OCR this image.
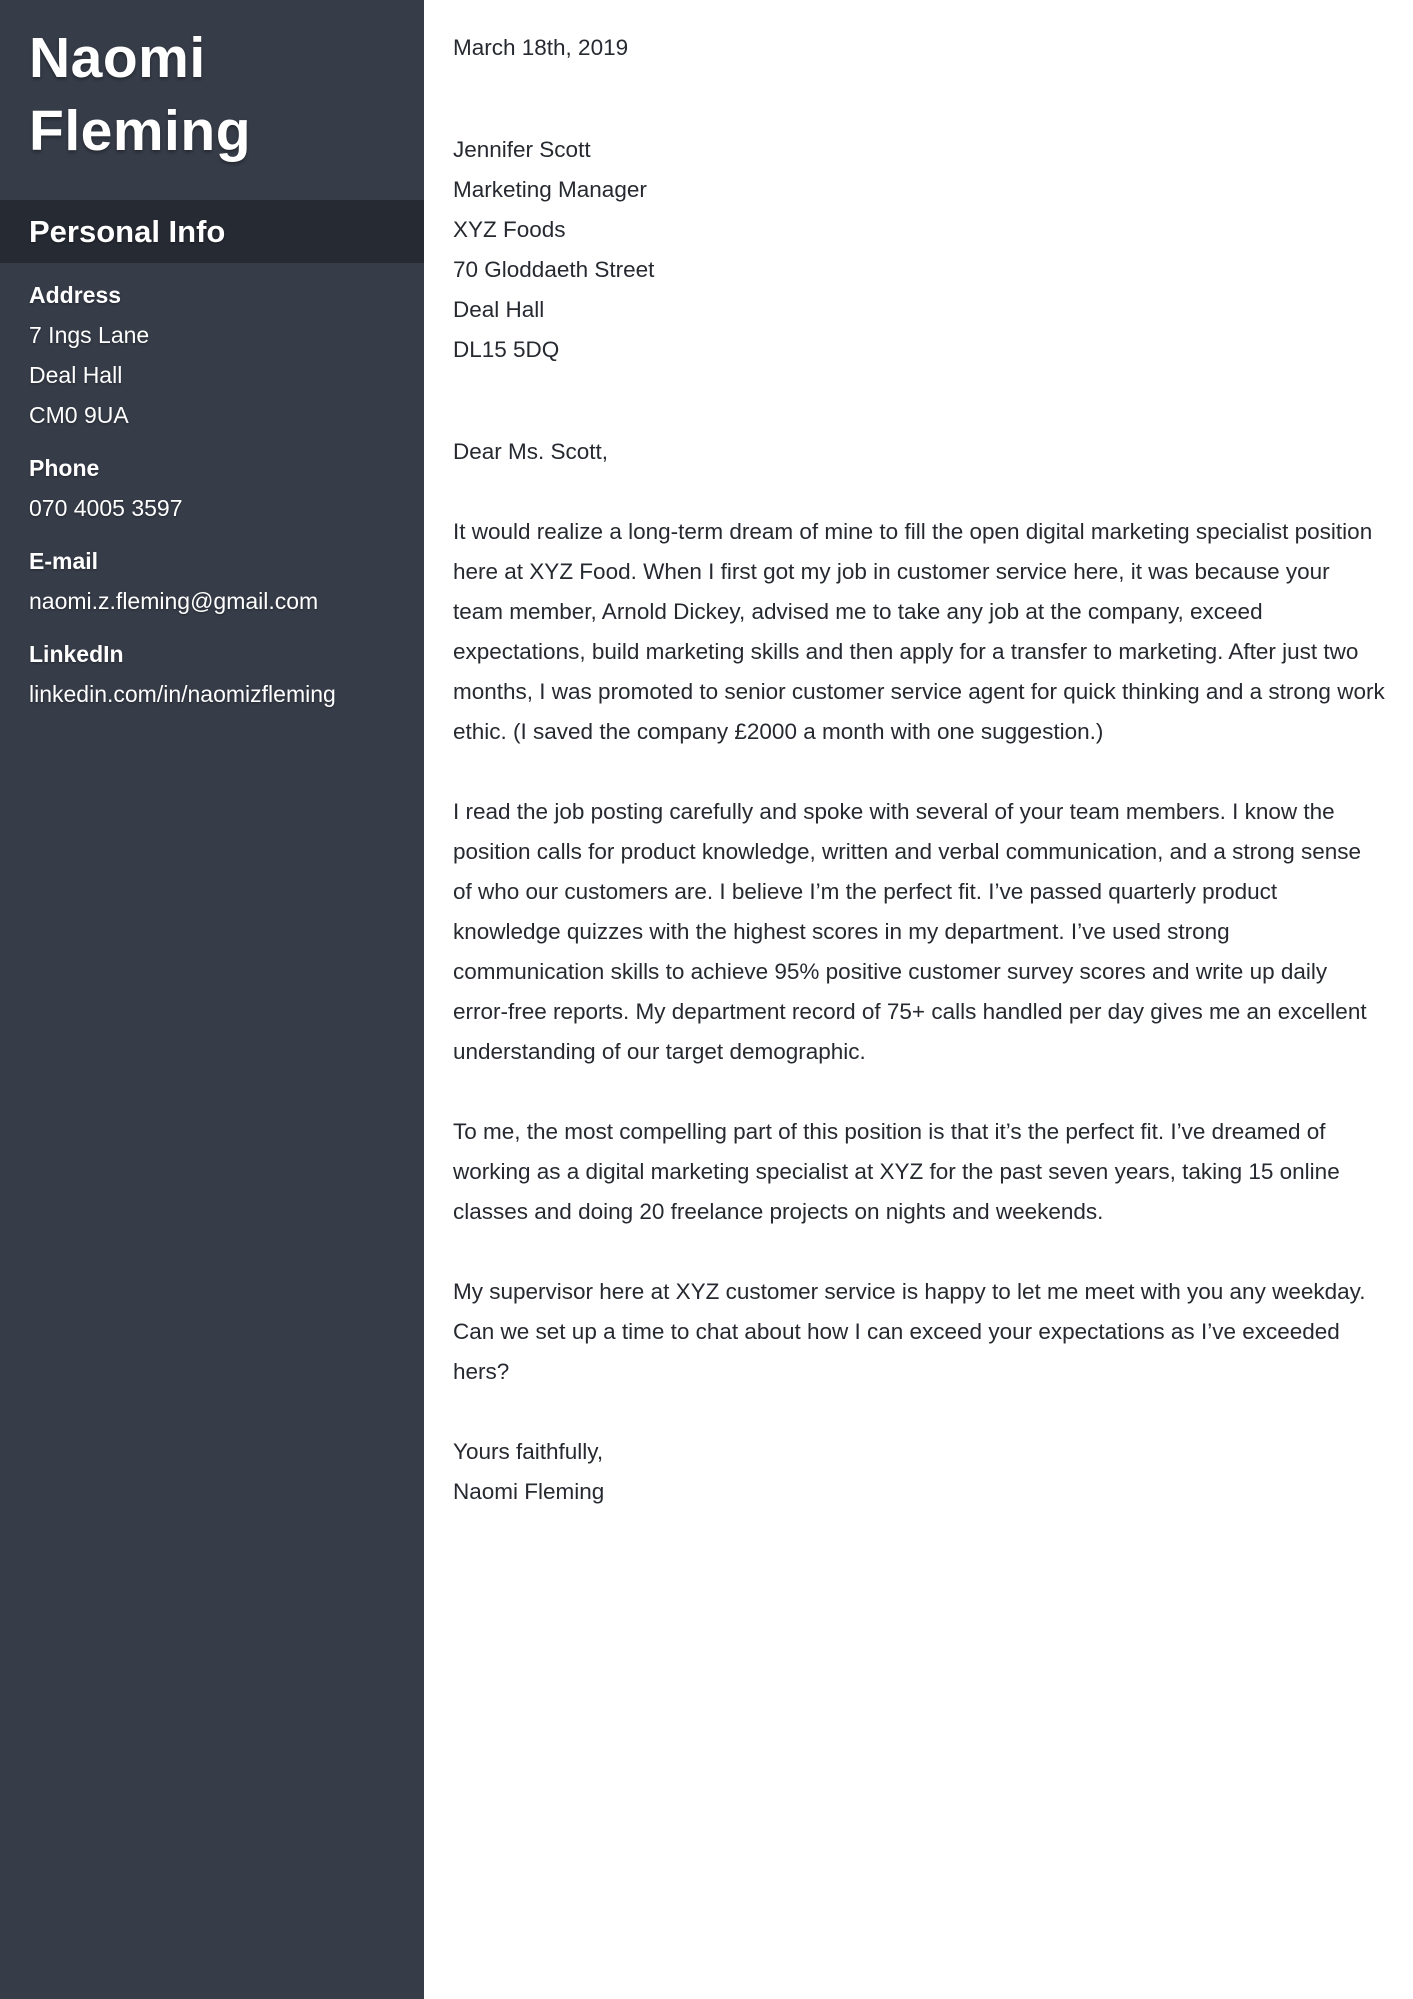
Naomi
Fleming
Personal Info
Address
7 Ings Lane
Deal Hall
CM0 9UA
Phone
070 4005 3597
E-mail
naomi.z.fleming@gmail.com
LinkedIn
linkedin.com/in/naomizfleming
March 18th, 2019
Jennifer Scott
Marketing Manager
XYZ Foods
70 Gloddaeth Street
Deal Hall
DL15 5DQ
Dear Ms. Scott,

It would realize a long-term dream of mine to fill the open digital marketing specialist position here at XYZ Food. When I first got my job in customer service here, it was because your team member, Arnold Dickey, advised me to take any job at the company, exceed expectations, build marketing skills and then apply for a transfer to marketing. After just two months, I was promoted to senior customer service agent for quick thinking and a strong work ethic. (I saved the company £2000 a month with one suggestion.)

I read the job posting carefully and spoke with several of your team members. I know the position calls for product knowledge, written and verbal communication, and a strong sense of who our customers are. I believe I’m the perfect fit. I’ve passed quarterly product knowledge quizzes with the highest scores in my department. I’ve used strong communication skills to achieve 95% positive customer survey scores and write up daily error-free reports. My department record of 75+ calls handled per day gives me an excellent understanding of our target demographic.

To me, the most compelling part of this position is that it’s the perfect fit. I’ve dreamed of working as a digital marketing specialist at XYZ for the past seven years, taking 15 online classes and doing 20 freelance projects on nights and weekends.

My supervisor here at XYZ customer service is happy to let me meet with you any weekday. Can we set up a time to chat about how I can exceed your expectations as I’ve exceeded hers?

Yours faithfully,
Naomi Fleming
